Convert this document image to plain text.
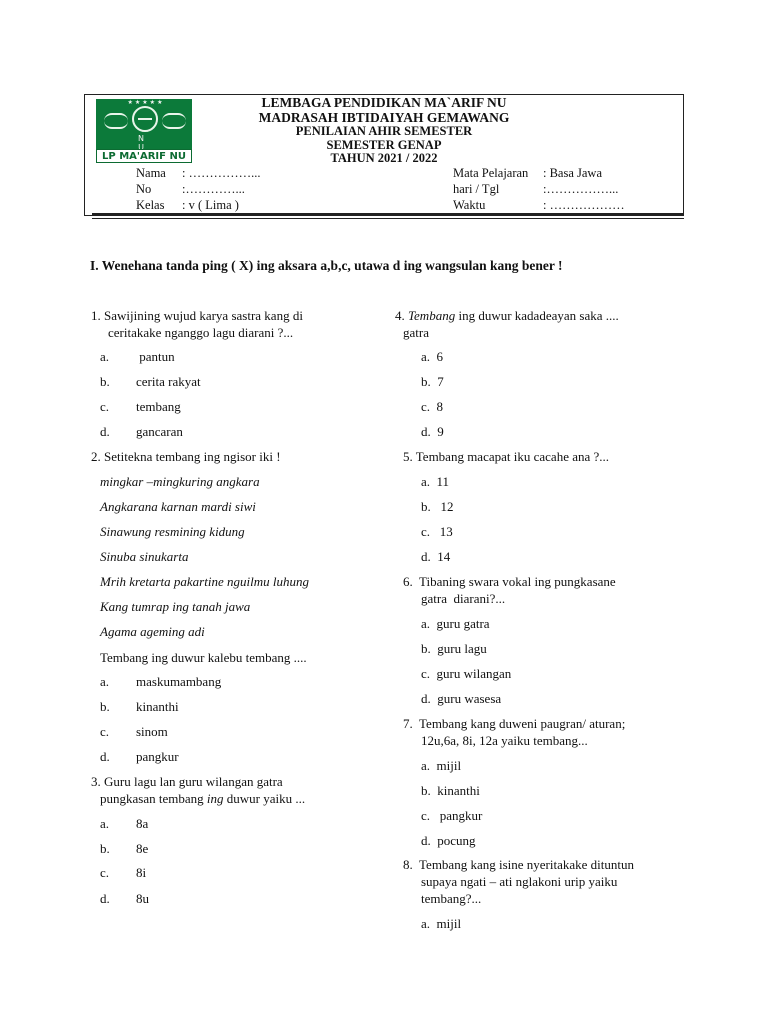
★★★★★
N U
LP MA'ARIF NU
LEMBAGA PENDIDIKAN MA`ARIF NU
MADRASAH IBTIDAIYAH GEMAWANG
PENILAIAN AHIR SEMESTER
SEMESTER GENAP
TAHUN 2021 / 2022
Nama : ……………...
No :…………...
Kelas : v ( Lima )
Mata Pelajaran : Basa Jawa
hari / Tgl	:……………...
Waktu	: ………………
I. Wenehana tanda ping ( X) ing aksara a,b,c, utawa d ing wangsulan kang bener !
1. Sawijining wujud karya sastra kang di
ceritakake nganggo lagu diarani ?...
a. pantun
b. cerita rakyat
c. tembang
d. gancaran
2. Setitekna tembang ing ngisor iki !
mingkar –mingkuring angkara
Angkarana karnan mardi siwi
Sinawung resmining kidung
Sinuba sinukarta
Mrih kretarta pakartine nguilmu luhung
Kang tumrap ing tanah jawa
Agama ageming adi
Tembang ing duwur kalebu tembang ....
a. maskumambang
b. kinanthi
c. sinom
d. pangkur
3. Guru lagu lan guru wilangan gatra
pungkasan tembang ing duwur yaiku ...
a. 8a
b. 8e
c. 8i
d. 8u
4. Tembang ing duwur kadadeayan saka ....
gatra
a.  6
b.  7
c.  8
d.  9
5. Tembang macapat iku cacahe ana ?...
a.  11
b.   12
c.   13
d.  14
6.  Tibaning swara vokal ing pungkasane
gatra  diarani?...
a.  guru gatra
b.  guru lagu
c.  guru wilangan
d.  guru wasesa
7.  Tembang kang duweni paugran/ aturan;
12u,6a, 8i, 12a yaiku tembang...
a.  mijil
b.  kinanthi
c.   pangkur
d.  pocung
8.  Tembang kang isine nyeritakake dituntun
supaya ngati – ati nglakoni urip yaiku
tembang?...
a.  mijil
